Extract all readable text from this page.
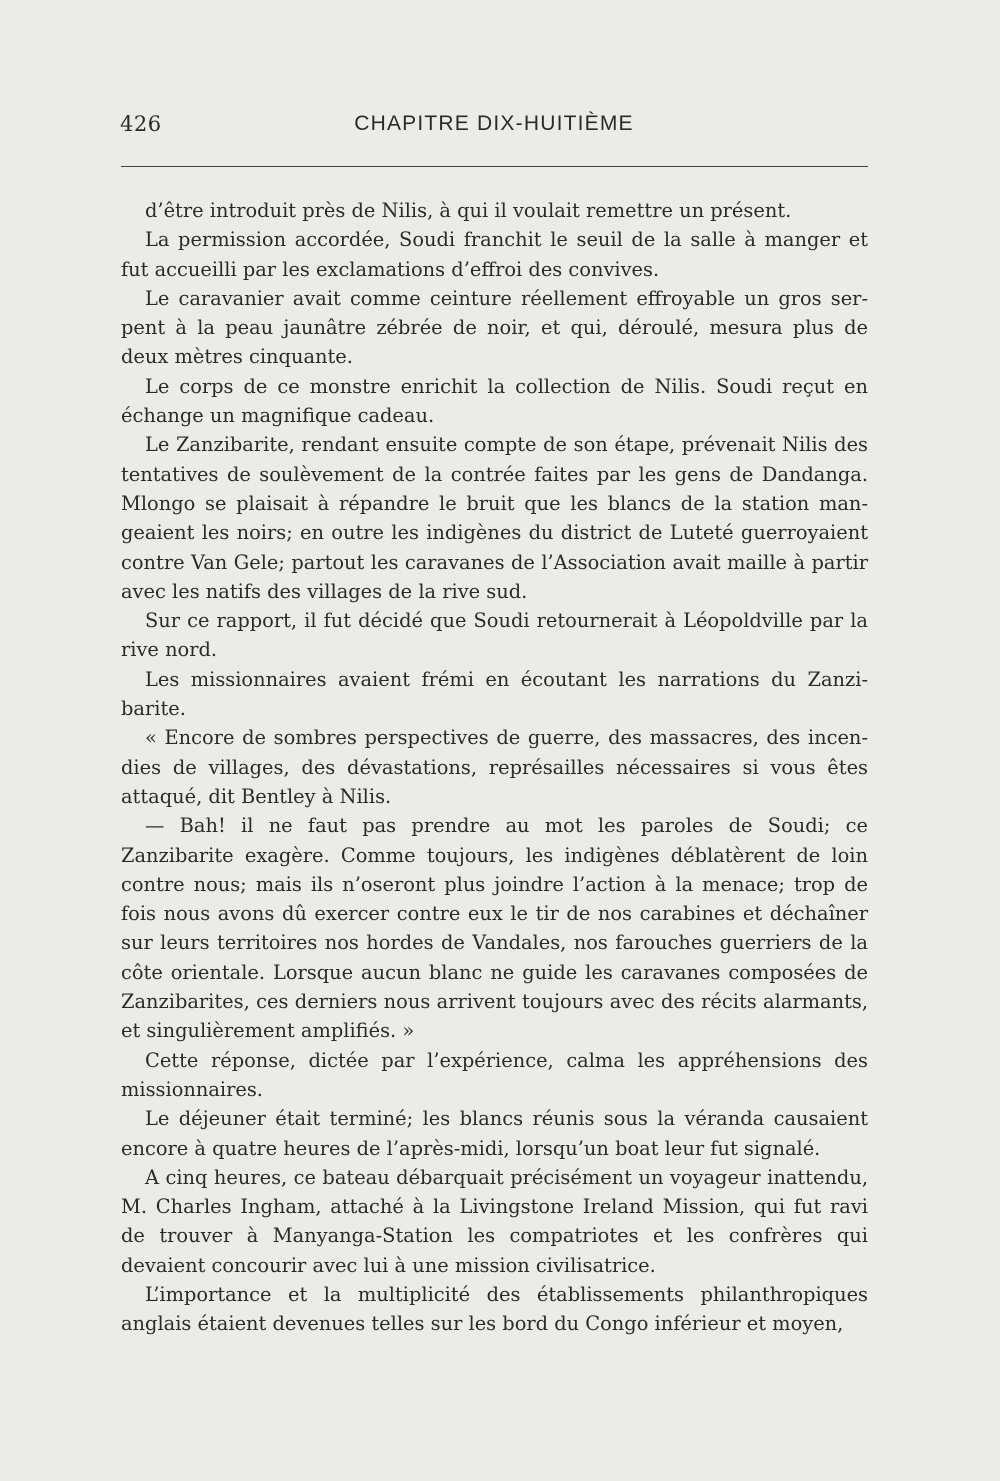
426	CHAPITRE DIX-HUITIÈME

d’être introduit près de Nilis, à qui il voulait remettre un présent.

La permission accordée, Soudi franchit le seuil de la salle à manger et fut accueilli par les exclamations d’effroi des convives.

Le caravanier avait comme ceinture réellement effroyable un gros serpent à la peau jaunâtre zébrée de noir, et qui, déroulé, mesura plus de deux mètres cinquante.

Le corps de ce monstre enrichit la collection de Nilis. Soudi reçut en échange un magnifique cadeau.

Le Zanzibarite, rendant ensuite compte de son étape, prévenait Nilis des tentatives de soulèvement de la contrée faites par les gens de Dandanga. Mlongo se plaisait à répandre le bruit que les blancs de la station mangeaient les noirs; en outre les indigènes du district de Luteté guerroyaient contre Van Gele; partout les caravanes de l’Association avait maille à partir avec les natifs des villages de la rive sud.

Sur ce rapport, il fut décidé que Soudi retournerait à Léopoldville par la rive nord.

Les missionnaires avaient frémi en écoutant les narrations du Zanzibarite.

« Encore de sombres perspectives de guerre, des massacres, des incendies de villages, des dévastations, représailles nécessaires si vous êtes attaqué, dit Bentley à Nilis.

— Bah! il ne faut pas prendre au mot les paroles de Soudi; ce Zanzibarite exagère. Comme toujours, les indigènes déblatèrent de loin contre nous; mais ils n’oseront plus joindre l’action à la menace; trop de fois nous avons dû exercer contre eux le tir de nos carabines et déchaîner sur leurs territoires nos hordes de Vandales, nos farouches guerriers de la côte orientale. Lorsque aucun blanc ne guide les caravanes composées de Zanzibarites, ces derniers nous arrivent toujours avec des récits alarmants, et singulièrement amplifiés. »

Cette réponse, dictée par l’expérience, calma les appréhensions des missionnaires.

Le déjeuner était terminé; les blancs réunis sous la véranda causaient encore à quatre heures de l’après-midi, lorsqu’un boat leur fut signalé.

A cinq heures, ce bateau débarquait précisément un voyageur inattendu, M. Charles Ingham, attaché à la Livingstone Ireland Mission, qui fut ravi de trouver à Manyanga-Station les compatriotes et les confrères qui devaient concourir avec lui à une mission civilisatrice.

L’importance et la multiplicité des établissements philanthropiques anglais étaient devenues telles sur les bord du Congo inférieur et moyen,
